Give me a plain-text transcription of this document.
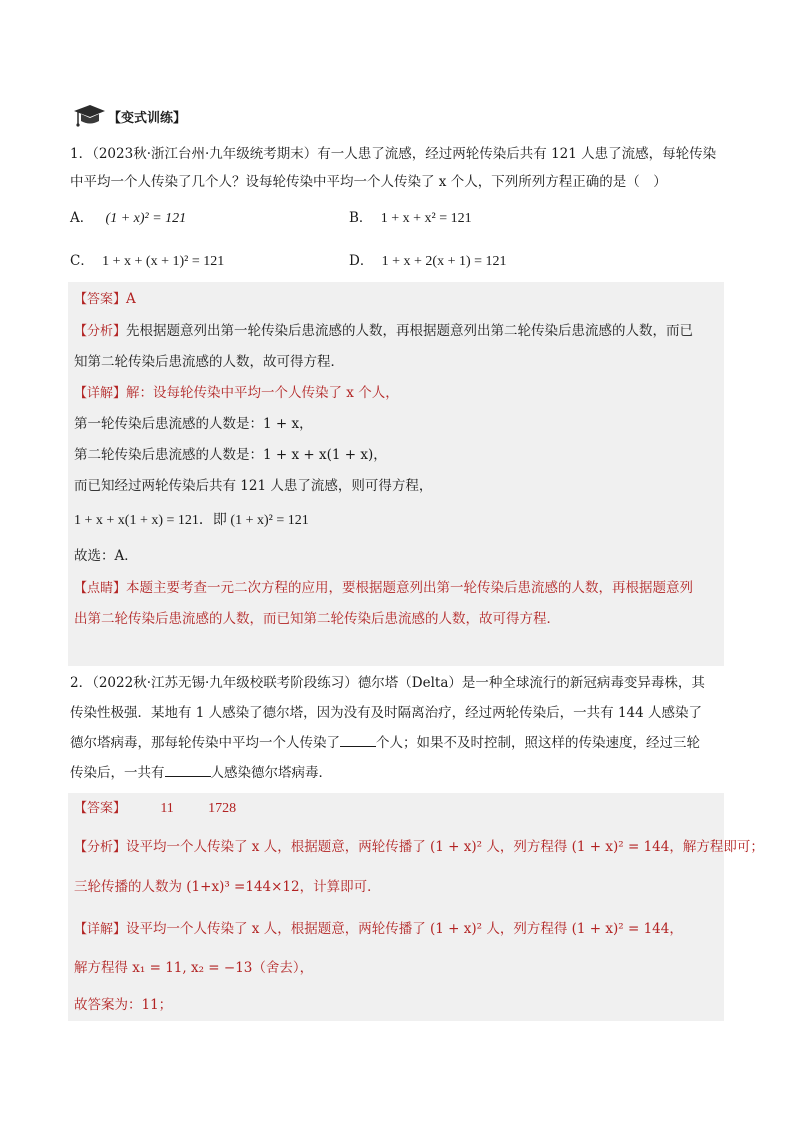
【变式训练】
1．（2023秋·浙江台州·九年级统考期末）有一人患了流感，经过两轮传染后共有 121 人患了流感，每轮传染
中平均一个人传染了几个人？设每轮传染中平均一个人传染了 x 个人，下列所列方程正确的是（　）
A． (1 + x)² = 121	B． 1 + x + x² = 121
C． 1 + x + (x + 1)² = 121	D． 1 + x + 2(x + 1) = 121
【答案】A
【分析】先根据题意列出第一轮传染后患流感的人数，再根据题意列出第二轮传染后患流感的人数，而已
知第二轮传染后患流感的人数，故可得方程．
【详解】解：设每轮传染中平均一个人传染了 x 个人，
第一轮传染后患流感的人数是：1 + x，
第二轮传染后患流感的人数是：1 + x + x(1 + x)，
而已知经过两轮传染后共有 121 人患了流感，则可得方程，
1 + x + x(1 + x) = 121．即 (1 + x)² = 121
故选：A．
【点睛】本题主要考查一元二次方程的应用，要根据题意列出第一轮传染后患流感的人数，再根据题意列
出第二轮传染后患流感的人数，而已知第二轮传染后患流感的人数，故可得方程．
2．（2022秋·江苏无锡·九年级校联考阶段练习）德尔塔（Delta）是一种全球流行的新冠病毒变异毒株，其
传染性极强．某地有 1 人感染了德尔塔，因为没有及时隔离治疗，经过两轮传染后，一共有 144 人感染了
德尔塔病毒，那每轮传染中平均一个人传染了	个人；如果不及时控制，照这样的传染速度，经过三轮
传染后，一共有	人感染德尔塔病毒．
【答案】 11 1728
【分析】设平均一个人传染了 x 人，根据题意，两轮传播了 (1 + x)² 人，列方程得 (1 + x)² = 144，解方程即可；
三轮传播的人数为 (1+x)³ =144×12，计算即可．
【详解】设平均一个人传染了 x 人，根据题意，两轮传播了 (1 + x)² 人，列方程得 (1 + x)² = 144，
解方程得 x₁ = 11, x₂ = −13（舍去），
故答案为：11；
